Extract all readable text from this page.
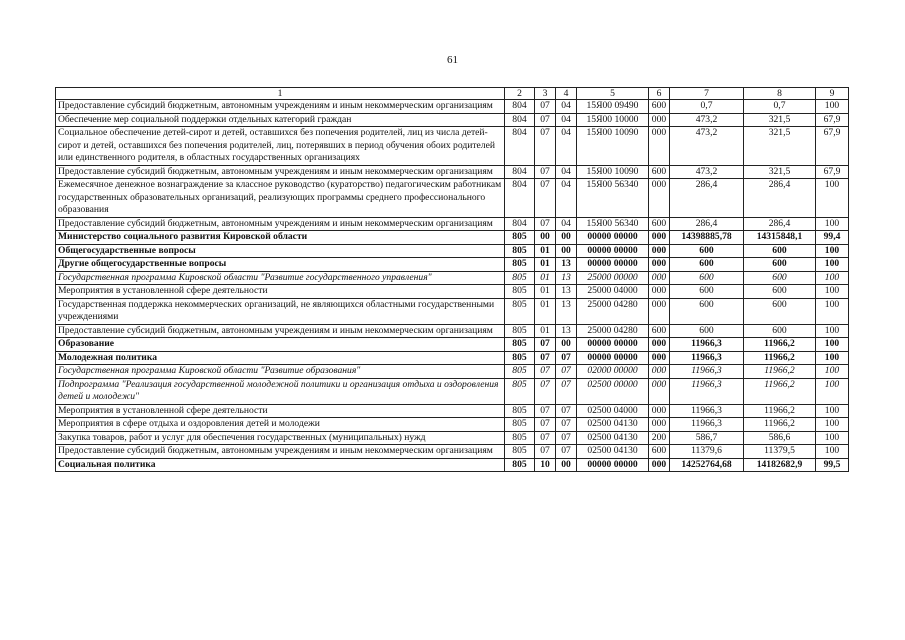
61
1	2	3	4	5	6	7	8	9
Предоставление субсидий бюджетным, автономным учреждениям и иным некоммерческим организациям	804	07	04	15Я00 09490	600	0,7	0,7	100
Обеспечение мер социальной поддержки отдельных категорий граждан	804	07	04	15Я00 10000	000	473,2	321,5	67,9
Социальное обеспечение детей-сирот и детей, оставшихся без попечения родителей, лиц из числа детей-сирот и детей, оставшихся без попечения родителей, лиц, потерявших в период обучения обоих родителей или единственного родителя, в областных государственных организациях	804	07	04	15Я00 10090	000	473,2	321,5	67,9
Предоставление субсидий бюджетным, автономным учреждениям и иным некоммерческим организациям	804	07	04	15Я00 10090	600	473,2	321,5	67,9
Ежемесячное денежное вознаграждение за классное руководство (кураторство) педагогическим работникам государственных образовательных организаций, реализующих программы среднего профессионального образования	804	07	04	15Я00 56340	000	286,4	286,4	100
Предоставление субсидий бюджетным, автономным учреждениям и иным некоммерческим организациям	804	07	04	15Я00 56340	600	286,4	286,4	100
Министерство социального развития Кировской области	805	00	00	00000 00000	000	14398885,78	14315848,1	99,4
Общегосударственные вопросы	805	01	00	00000 00000	000	600	600	100
Другие общегосударственные вопросы	805	01	13	00000 00000	000	600	600	100
Государственная программа Кировской области "Развитие государственного управления"	805	01	13	25000 00000	000	600	600	100
Мероприятия в установленной сфере деятельности	805	01	13	25000 04000	000	600	600	100
Государственная поддержка некоммерческих организаций, не являющихся областными государственными учреждениями	805	01	13	25000 04280	000	600	600	100
Предоставление субсидий бюджетным, автономным учреждениям и иным некоммерческим организациям	805	01	13	25000 04280	600	600	600	100
Образование	805	07	00	00000 00000	000	11966,3	11966,2	100
Молодежная политика	805	07	07	00000 00000	000	11966,3	11966,2	100
Государственная программа Кировской области "Развитие образования"	805	07	07	02000 00000	000	11966,3	11966,2	100
Подпрограмма "Реализация государственной молодежной политики и организация отдыха и оздоровления детей и молодежи"	805	07	07	02500 00000	000	11966,3	11966,2	100
Мероприятия в установленной сфере деятельности	805	07	07	02500 04000	000	11966,3	11966,2	100
Мероприятия в сфере отдыха и оздоровления детей и молодежи	805	07	07	02500 04130	000	11966,3	11966,2	100
Закупка товаров, работ и услуг для обеспечения государственных (муниципальных) нужд	805	07	07	02500 04130	200	586,7	586,6	100
Предоставление субсидий бюджетным, автономным учреждениям и иным некоммерческим организациям	805	07	07	02500 04130	600	11379,6	11379,5	100
Социальная политика	805	10	00	00000 00000	000	14252764,68	14182682,9	99,5
